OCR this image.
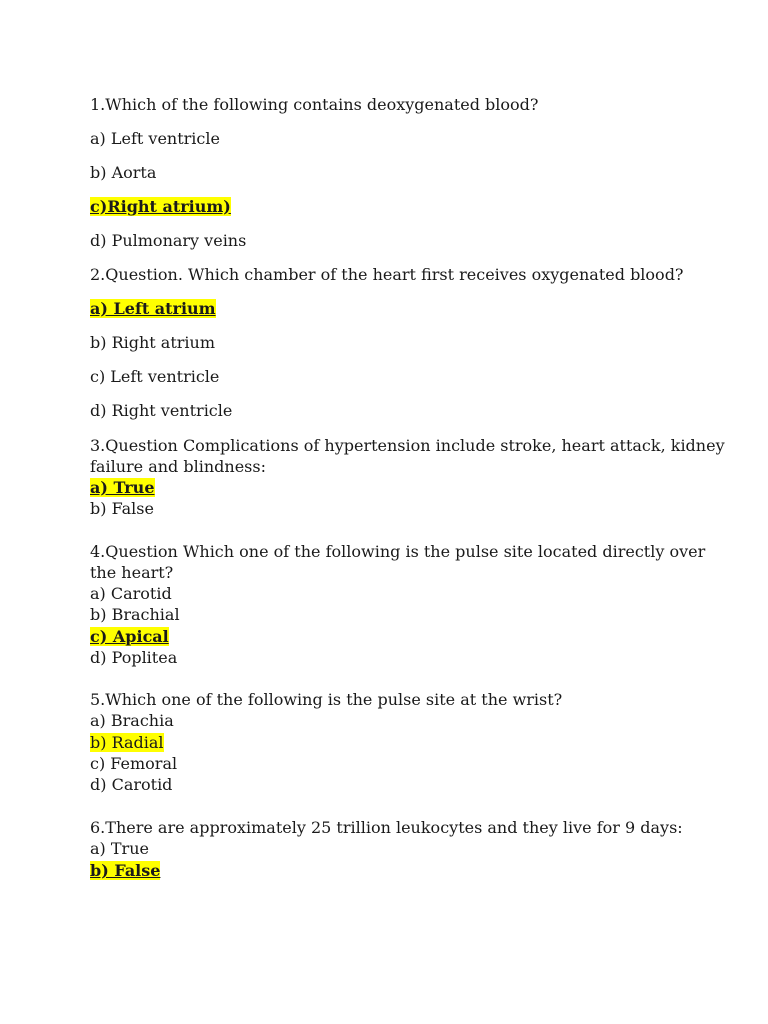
1.Which of the following contains deoxygenated blood?
a) Left ventricle
b) Aorta
c)Right atrium)
d) Pulmonary veins
2.Question. Which chamber of the heart first receives oxygenated blood?
a) Left atrium
b) Right atrium
c) Left ventricle
d) Right ventricle
3.Question Complications of hypertension include stroke, heart attack, kidney
failure and blindness:
a) True
b) False
4.Question Which one of the following is the pulse site located directly over
the heart?
a) Carotid
b) Brachial
c) Apical
d) Poplitea
5.Which one of the following is the pulse site at the wrist?
a) Brachia
b) Radial
c) Femoral
d) Carotid
6.There are approximately 25 trillion leukocytes and they live for 9 days:
a) True
b) False
